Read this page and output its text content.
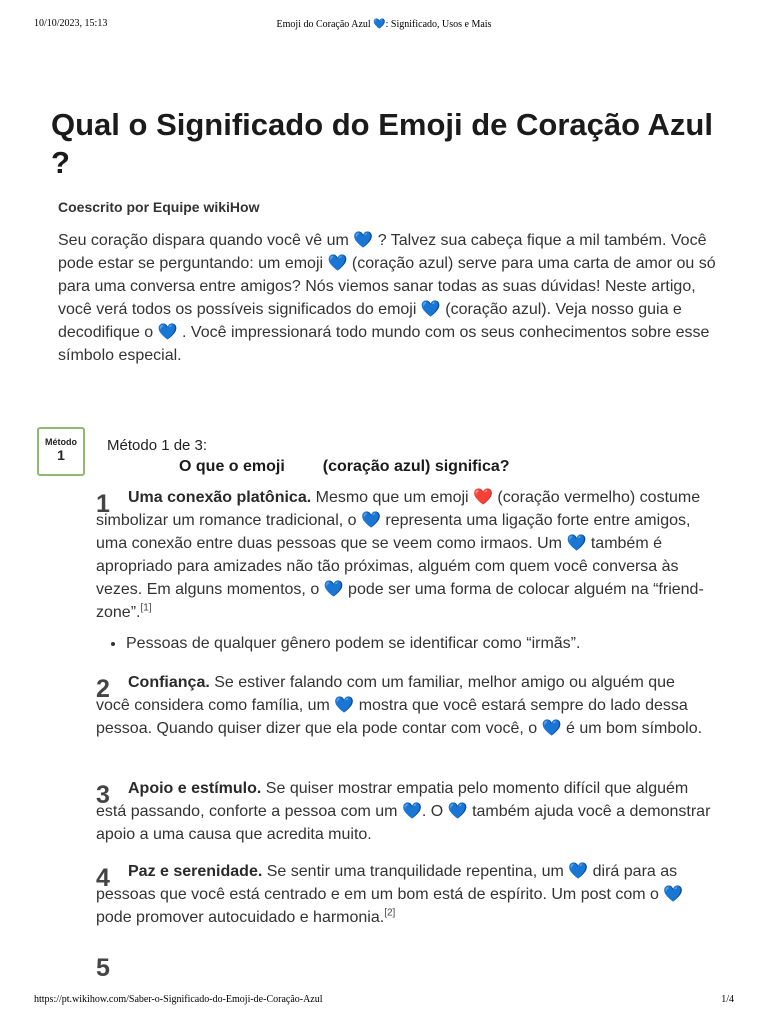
10/10/2023, 15:13	Emoji do Coração Azul 💙: Significado, Usos e Mais
Qual o Significado do Emoji de Coração Azul ?

Coescrito por Equipe wikiHow

Seu coração dispara quando você vê um 💙 ? Talvez sua cabeça fique a mil também. Você pode estar se perguntando: um emoji 💙 (coração azul) serve para uma carta de amor ou só para uma conversa entre amigos? Nós viemos sanar todas as suas dúvidas! Neste artigo, você verá todos os possíveis significados do emoji 💙 (coração azul). Veja nosso guia e decodifique o 💙 . Você impressionará todo mundo com os seus conhecimentos sobre esse símbolo especial.

Método
1
Método 1 de 3:
O que o emoji (coração azul) significa?
1	Uma conexão platônica. Mesmo que um emoji ❤️ (coração vermelho) costume simbolizar um romance tradicional, o 💙 representa uma ligação forte entre amigos, uma conexão entre duas pessoas que se veem como irmaos. Um 💙 também é apropriado para amizades não tão próximas, alguém com quem você conversa às vezes. Em alguns momentos, o 💙 pode ser uma forma de colocar alguém na “friend-zone”.[1]

• Pessoas de qualquer gênero podem se identificar como “irmãs”.
2	Confiança. Se estiver falando com um familiar, melhor amigo ou alguém que você considera como família, um 💙 mostra que você estará sempre do lado dessa pessoa. Quando quiser dizer que ela pode contar com você, o 💙 é um bom símbolo.

3	Apoio e estímulo. Se quiser mostrar empatia pelo momento difícil que alguém está passando, conforte a pessoa com um 💙. O 💙 também ajuda você a demonstrar apoio a uma causa que acredita muito.

4	Paz e serenidade. Se sentir uma tranquilidade repentina, um 💙 dirá para as pessoas que você está centrado e em um bom está de espírito. Um post com o 💙 pode promover autocuidado e harmonia.[2]

5
https://pt.wikihow.com/Saber-o-Significado-do-Emoji-de-Coração-Azul	1/4
